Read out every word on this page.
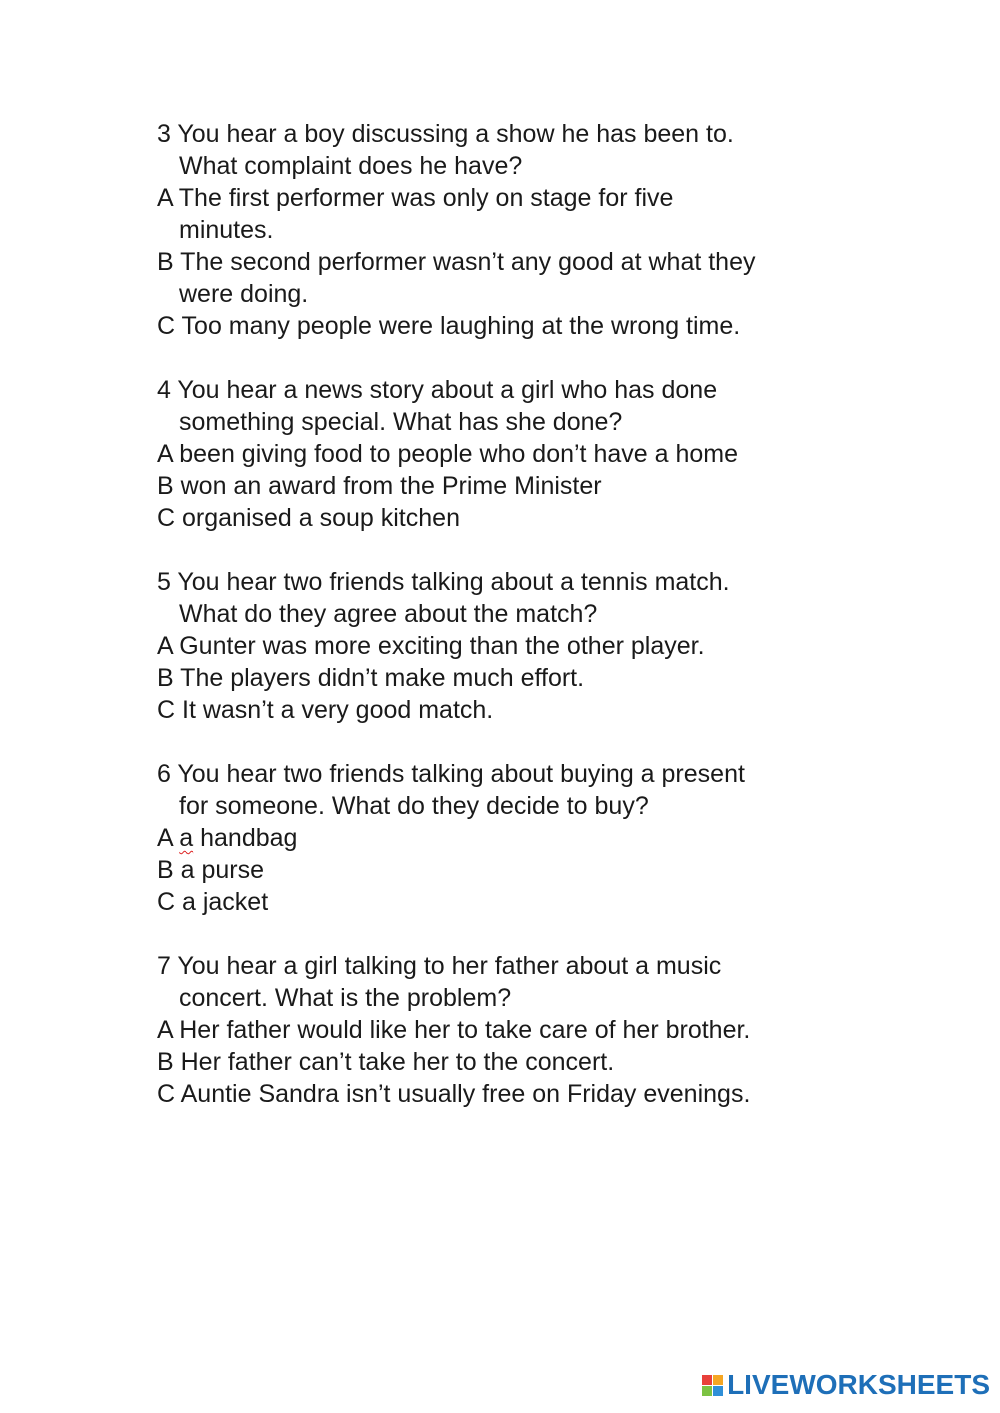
3 You hear a boy discussing a show he has been to.

What complaint does he have?

A The first performer was only on stage for five

minutes.

B The second performer wasn’t any good at what they

were doing.

C Too many people were laughing at the wrong time.

4 You hear a news story about a girl who has done

something special. What has she done?

A been giving food to people who don’t have a home

B won an award from the Prime Minister

C organised a soup kitchen

5 You hear two friends talking about a tennis match.

What do they agree about the match?

A Gunter was more exciting than the other player.

B The players didn’t make much effort.

C It wasn’t a very good match.

6 You hear two friends talking about buying a present

for someone. What do they decide to buy?

A a handbag

B a purse

C a jacket

7 You hear a girl talking to her father about a music

concert. What is the problem?

A Her father would like her to take care of her brother.

B Her father can’t take her to the concert.

C Auntie Sandra isn’t usually free on Friday evenings.

LIVEWORKSHEETS
